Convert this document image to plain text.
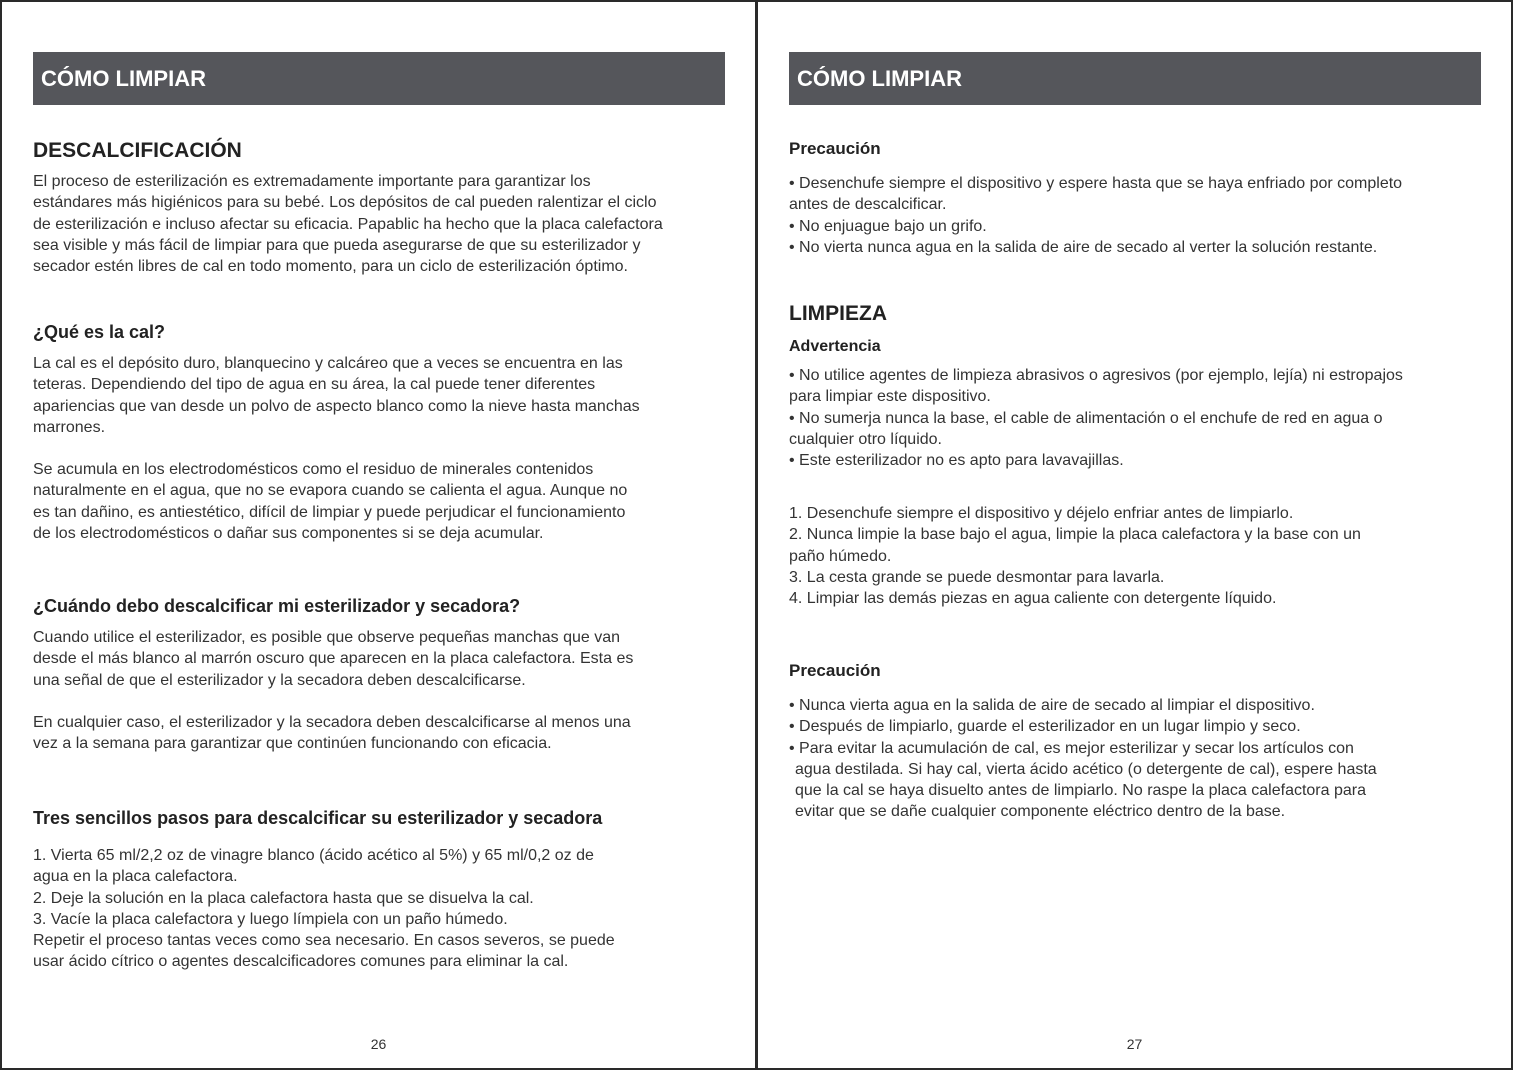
CÓMO LIMPIAR
DESCALCIFICACIÓN
El proceso de esterilización es extremadamente importante para garantizar los
estándares más higiénicos para su bebé. Los depósitos de cal pueden ralentizar el ciclo
de esterilización e incluso afectar su eficacia. Papablic ha hecho que la placa calefactora
sea visible y más fácil de limpiar para que pueda asegurarse de que su esterilizador y
secador estén libres de cal en todo momento, para un ciclo de esterilización óptimo.
¿Qué es la cal?
La cal es el depósito duro, blanquecino y calcáreo que a veces se encuentra en las
teteras. Dependiendo del tipo de agua en su área, la cal puede tener diferentes
apariencias que van desde un polvo de aspecto blanco como la nieve hasta manchas
marrones.
Se acumula en los electrodomésticos como el residuo de minerales contenidos
naturalmente en el agua, que no se evapora cuando se calienta el agua. Aunque no
es tan dañino, es antiestético, difícil de limpiar y puede perjudicar el funcionamiento
de los electrodomésticos o dañar sus componentes si se deja acumular.
¿Cuándo debo descalcificar mi esterilizador y secadora?
Cuando utilice el esterilizador, es posible que observe pequeñas manchas que van
desde el más blanco al marrón oscuro que aparecen en la placa calefactora. Esta es
una señal de que el esterilizador y la secadora deben descalcificarse.
En cualquier caso, el esterilizador y la secadora deben descalcificarse al menos una
vez a la semana para garantizar que continúen funcionando con eficacia.
Tres sencillos pasos para descalcificar su esterilizador y secadora
1. Vierta 65 ml/2,2 oz de vinagre blanco (ácido acético al 5%) y 65 ml/0,2 oz de
agua en la placa calefactora.
2. Deje la solución en la placa calefactora hasta que se disuelva la cal.
3. Vacíe la placa calefactora y luego límpiela con un paño húmedo.
Repetir el proceso tantas veces como sea necesario. En casos severos, se puede
usar ácido cítrico o agentes descalcificadores comunes para eliminar la cal.
26
CÓMO LIMPIAR
Precaución
• Desenchufe siempre el dispositivo y espere hasta que se haya enfriado por completo
antes de descalcificar.
• No enjuague bajo un grifo.
• No vierta nunca agua en la salida de aire de secado al verter la solución restante.
LIMPIEZA
Advertencia
• No utilice agentes de limpieza abrasivos o agresivos (por ejemplo, lejía) ni estropajos
para limpiar este dispositivo.
• No sumerja nunca la base, el cable de alimentación o el enchufe de red en agua o
cualquier otro líquido.
• Este esterilizador no es apto para lavavajillas.
1. Desenchufe siempre el dispositivo y déjelo enfriar antes de limpiarlo.
2. Nunca limpie la base bajo el agua, limpie la placa calefactora y la base con un
paño húmedo.
3. La cesta grande se puede desmontar para lavarla.
4. Limpiar las demás piezas en agua caliente con detergente líquido.
Precaución
• Nunca vierta agua en la salida de aire de secado al limpiar el dispositivo.
• Después de limpiarlo, guarde el esterilizador en un lugar limpio y seco.
• Para evitar la acumulación de cal, es mejor esterilizar y secar los artículos con
agua destilada. Si hay cal, vierta ácido acético (o detergente de cal), espere hasta
que la cal se haya disuelto antes de limpiarlo. No raspe la placa calefactora para
evitar que se dañe cualquier componente eléctrico dentro de la base.
27
